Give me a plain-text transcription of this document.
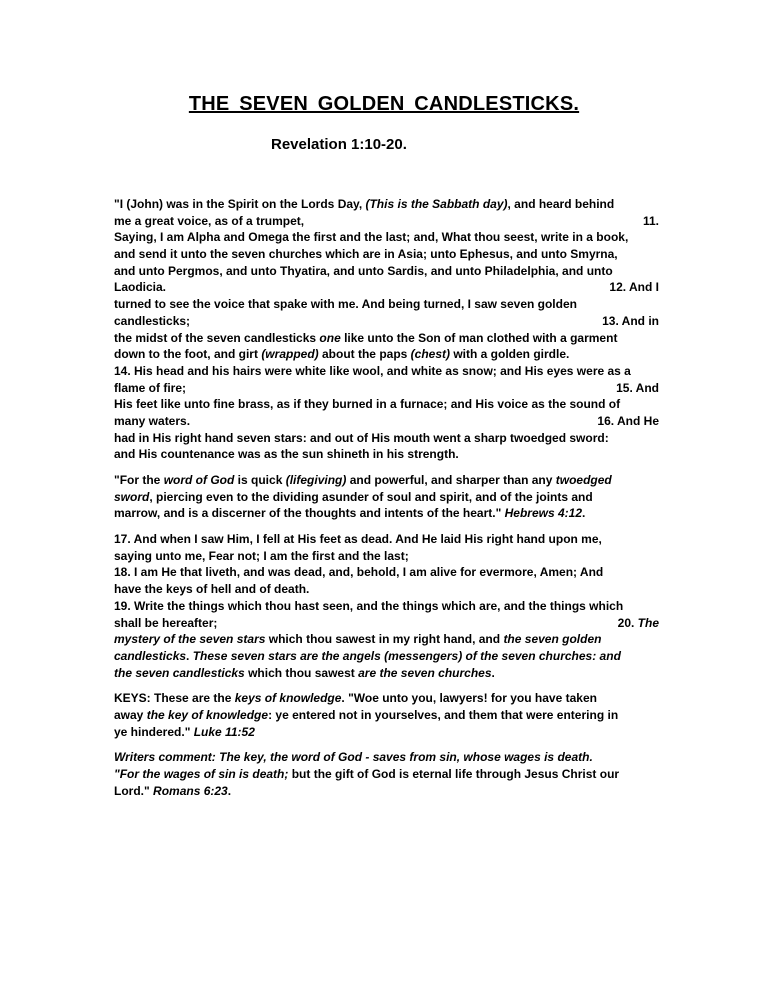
THE SEVEN GOLDEN CANDLESTICKS.
Revelation 1:10-20.
"I (John) was in the Spirit on the Lords Day, (This is the Sabbath day), and heard behind
me a great voice, as of a trumpet,	11.
Saying, I am Alpha and Omega the first and the last; and, What thou seest, write in a book,
and send it unto the seven churches which are in Asia; unto Ephesus, and unto Smyrna,
and unto Pergmos, and unto Thyatira, and unto Sardis, and unto Philadelphia, and unto
Laodicia.	12. And I
turned to see the voice that spake with me. And being turned, I saw seven golden
candlesticks;	13. And in
the midst of the seven candlesticks one like unto the Son of man clothed with a garment
down to the foot, and girt (wrapped) about the paps (chest) with a golden girdle.
14. His head and his hairs were white like wool, and white as snow; and His eyes were as a
flame of fire;	15. And
His feet like unto fine brass, as if they burned in a furnace; and His voice as the sound of
many waters.	16. And He
had in His right hand seven stars: and out of His mouth went a sharp twoedged sword:
and His countenance was as the sun shineth in his strength.
"For the word of God is quick (lifegiving) and powerful, and sharper than any twoedged
sword, piercing even to the dividing asunder of soul and spirit, and of the joints and
marrow, and is a discerner of the thoughts and intents of the heart." Hebrews 4:12.
17. And when I saw Him, I fell at His feet as dead. And He laid His right hand upon me,
saying unto me, Fear not; I am the first and the last;
18. I am He that liveth, and was dead, and, behold, I am alive for evermore, Amen; And
have the keys of hell and of death.
19. Write the things which thou hast seen, and the things which are, and the things which
shall be hereafter;	20. The
mystery of the seven stars which thou sawest in my right hand, and the seven golden
candlesticks. These seven stars are the angels (messengers) of the seven churches: and
the seven candlesticks which thou sawest are the seven churches.
KEYS: These are the keys of knowledge. "Woe unto you, lawyers! for you have taken
away the key of knowledge: ye entered not in yourselves, and them that were entering in
ye hindered." Luke 11:52
Writers comment: The key, the word of God - saves from sin, whose wages is death.
"For the wages of sin is death; but the gift of God is eternal life through Jesus Christ our
Lord." Romans 6:23.
